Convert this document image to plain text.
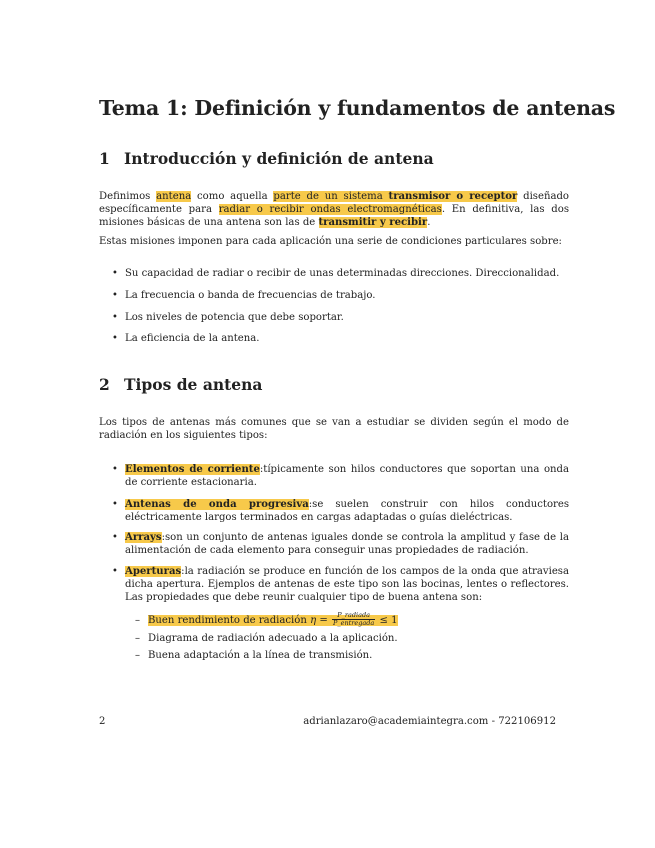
Tema 1: Definición y fundamentos de antenas
1 Introducción y definición de antena
Definimos antena como aquella parte de un sistema transmisor o receptor diseñado específicamente para radiar o recibir ondas electromagnéticas. En definitiva, las dos misiones básicas de una antena son las de transmitir y recibir.
Estas misiones imponen para cada aplicación una serie de condiciones particulares sobre:
• Su capacidad de radiar o recibir de unas determinadas direcciones. Direccionalidad.
• La frecuencia o banda de frecuencias de trabajo.
• Los niveles de potencia que debe soportar.
• La eficiencia de la antena.
2 Tipos de antena
Los tipos de antenas más comunes que se van a estudiar se dividen según el modo de radiación en los siguientes tipos:
• Elementos de corriente:típicamente son hilos conductores que soportan una onda de corriente estacionaria.
• Antenas de onda progresiva:se suelen construir con hilos conductores eléctricamente largos terminados en cargas adaptadas o guías dieléctricas.
• Arrays:son un conjunto de antenas iguales donde se controla la amplitud y fase de la alimentación de cada elemento para conseguir unas propiedades de radiación.
• Aperturas:la radiación se produce en función de los campos de la onda que atraviesa dicha apertura. Ejemplos de antenas de este tipo son las bocinas, lentes o reflectores. Las propiedades que debe reunir cualquier tipo de buena antena son:
– Buen rendimiento de radiación $\eta = \frac{\text{P\_radiada}}{\text{P\_entregada}} \le 1$
– Diagrama de radiación adecuado a la aplicación.
– Buena adaptación a la línea de transmisión.
2	adrianlazaro@academiaintegra.com - 722106912
